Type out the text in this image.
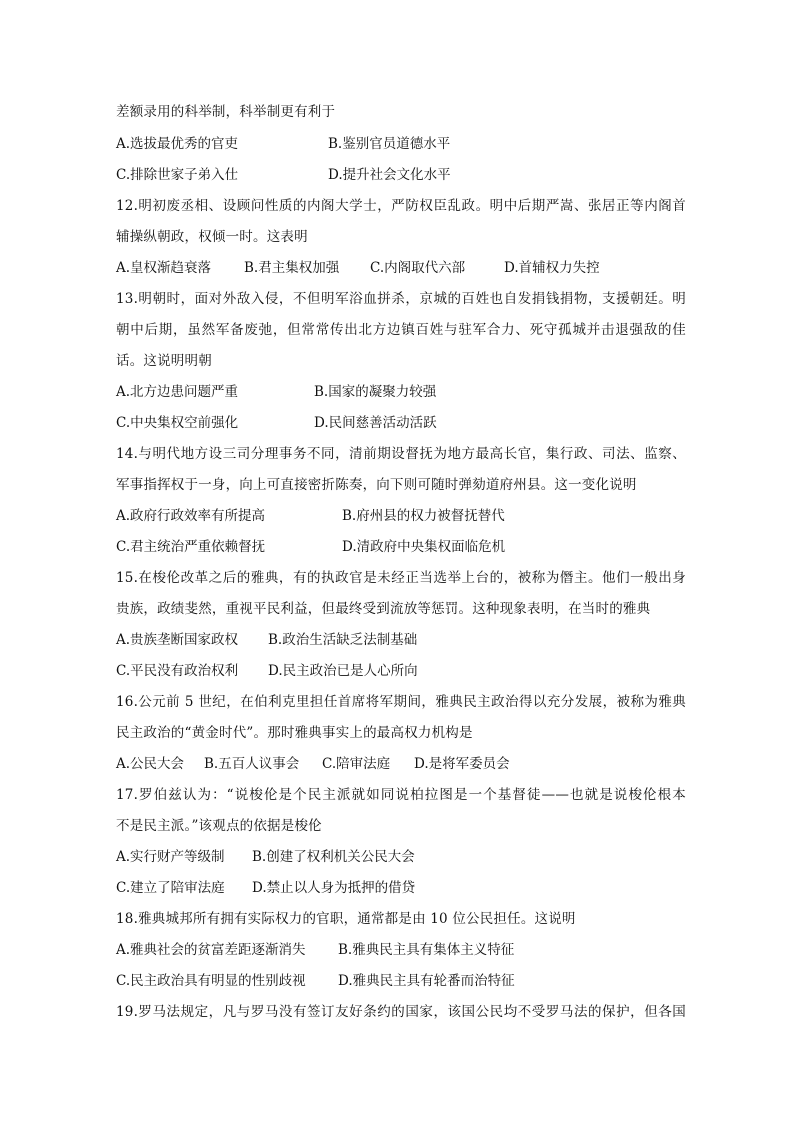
差额录用的科举制，科举制更有利于
A.选拔最优秀的官吏	B.鉴别官员道德水平
C.排除世家子弟入仕	D.提升社会文化水平
12.明初废丞相、设顾问性质的内阁大学士，严防权臣乱政。明中后期严嵩、张居正等内阁首
辅操纵朝政，权倾一时。这表明
A.皇权渐趋衰落 B.君主集权加强 C.内阁取代六部	D.首辅权力失控
13.明朝时，面对外敌入侵，不但明军浴血拼杀，京城的百姓也自发捐钱捐物，支援朝廷。明
朝中后期，虽然军备废弛，但常常传出北方边镇百姓与驻军合力、死守孤城并击退强敌的佳
话。这说明明朝
A.北方边患问题严重	B.国家的凝聚力较强
C.中央集权空前强化	D.民间慈善活动活跃
14.与明代地方设三司分理事务不同，清前期设督抚为地方最高长官，集行政、司法、监察、
军事指挥权于一身，向上可直接密折陈奏，向下则可随时弹劾道府州县。这一变化说明
A.政府行政效率有所提高	B.府州县的权力被督抚替代
C.君主统治严重依赖督抚	D.清政府中央集权面临危机
15.在梭伦改革之后的雅典，有的执政官是未经正当选举上台的，被称为僭主。他们一般出身
贵族，政绩斐然，重视平民利益，但最终受到流放等惩罚。这种现象表明，在当时的雅典
A.贵族垄断国家政权 B.政治生活缺乏法制基础
C.平民没有政治权利 D.民主政治已是人心所向
16.公元前 5 世纪，在伯利克里担任首席将军期间，雅典民主政治得以充分发展，被称为雅典
民主政治的“黄金时代”。那时雅典事实上的最高权力机构是
A.公民大会 B.五百人议事会 C.陪审法庭 D.是将军委员会
17.罗伯兹认为：“说梭伦是个民主派就如同说柏拉图是一个基督徒——也就是说梭伦根本
不是民主派。”该观点的依据是梭伦
A.实行财产等级制 B.创建了权利机关公民大会
C.建立了陪审法庭 D.禁止以人身为抵押的借贷
18.雅典城邦所有拥有实际权力的官职，通常都是由 10 位公民担任。这说明
A.雅典社会的贫富差距逐渐消失 B.雅典民主具有集体主义特征
C.民主政治具有明显的性别歧视 D.雅典民主具有轮番而治特征
19.罗马法规定，凡与罗马没有签订友好条约的国家，该国公民均不受罗马法的保护，但各国
